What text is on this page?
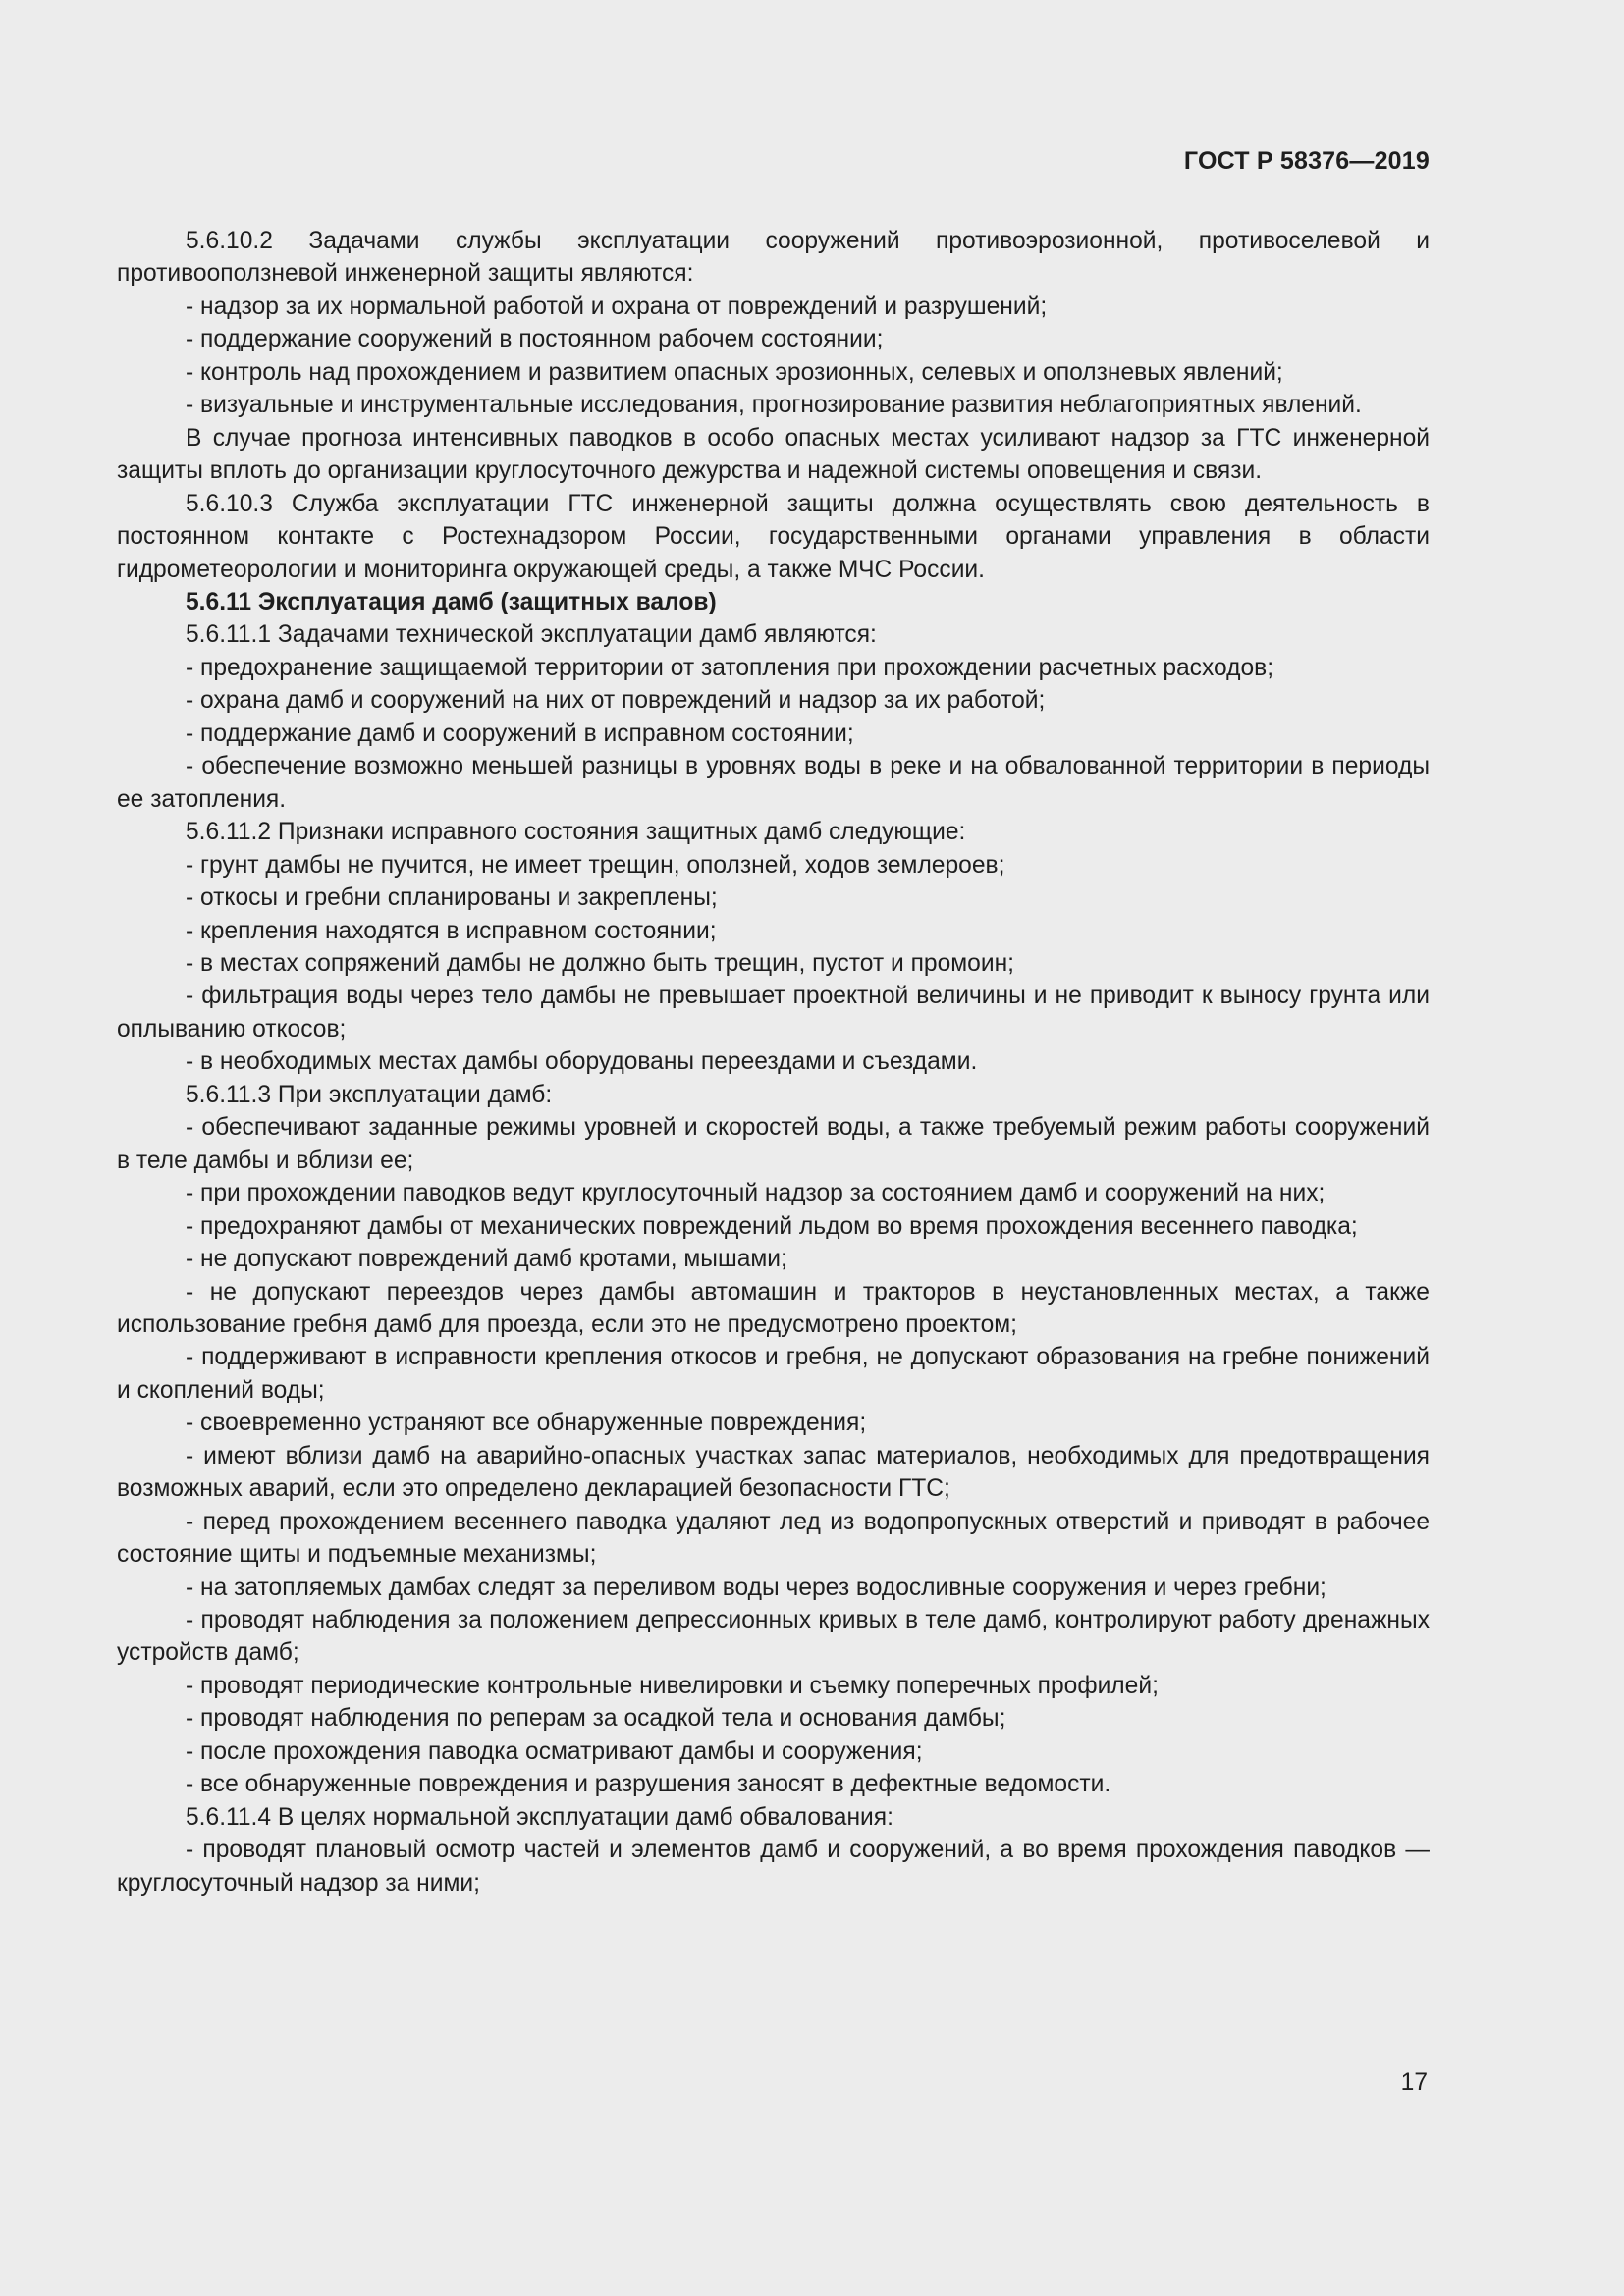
ГОСТ Р 58376—2019

5.6.10.2 Задачами службы эксплуатации сооружений противоэрозионной, противоселевой и противооползневой инженерной защиты являются:

- надзор за их нормальной работой и охрана от повреждений и разрушений;

- поддержание сооружений в постоянном рабочем состоянии;

- контроль над прохождением и развитием опасных эрозионных, селевых и оползневых явлений;

- визуальные и инструментальные исследования, прогнозирование развития неблагоприятных явлений.

В случае прогноза интенсивных паводков в особо опасных местах усиливают надзор за ГТС инженерной защиты вплоть до организации круглосуточного дежурства и надежной системы оповещения и связи.

5.6.10.3 Служба эксплуатации ГТС инженерной защиты должна осуществлять свою деятельность в постоянном контакте с Ростехнадзором России, государственными органами управления в области гидрометеорологии и мониторинга окружающей среды, а также МЧС России.

5.6.11 Эксплуатация дамб (защитных валов)

5.6.11.1 Задачами технической эксплуатации дамб являются:

- предохранение защищаемой территории от затопления при прохождении расчетных расходов;

- охрана дамб и сооружений на них от повреждений и надзор за их работой;

- поддержание дамб и сооружений в исправном состоянии;

- обеспечение возможно меньшей разницы в уровнях воды в реке и на обвалованной территории в периоды ее затопления.

5.6.11.2 Признаки исправного состояния защитных дамб следующие:

- грунт дамбы не пучится, не имеет трещин, оползней, ходов землероев;

- откосы и гребни спланированы и закреплены;

- крепления находятся в исправном состоянии;

- в местах сопряжений дамбы не должно быть трещин, пустот и промоин;

- фильтрация воды через тело дамбы не превышает проектной величины и не приводит к выносу грунта или оплыванию откосов;

- в необходимых местах дамбы оборудованы переездами и съездами.

5.6.11.3 При эксплуатации дамб:

- обеспечивают заданные режимы уровней и скоростей воды, а также требуемый режим работы сооружений в теле дамбы и вблизи ее;

- при прохождении паводков ведут круглосуточный надзор за состоянием дамб и сооружений на них;

- предохраняют дамбы от механических повреждений льдом во время прохождения весеннего паводка;

- не допускают повреждений дамб кротами, мышами;

- не допускают переездов через дамбы автомашин и тракторов в неустановленных местах, а также использование гребня дамб для проезда, если это не предусмотрено проектом;

- поддерживают в исправности крепления откосов и гребня, не допускают образования на гребне понижений и скоплений воды;

- своевременно устраняют все обнаруженные повреждения;

- имеют вблизи дамб на аварийно-опасных участках запас материалов, необходимых для предотвращения возможных аварий, если это определено декларацией безопасности ГТС;

- перед прохождением весеннего паводка удаляют лед из водопропускных отверстий и приводят в рабочее состояние щиты и подъемные механизмы;

- на затопляемых дамбах следят за переливом воды через водосливные сооружения и через гребни;

- проводят наблюдения за положением депрессионных кривых в теле дамб, контролируют работу дренажных устройств дамб;

- проводят периодические контрольные нивелировки и съемку поперечных профилей;

- проводят наблюдения по реперам за осадкой тела и основания дамбы;

- после прохождения паводка осматривают дамбы и сооружения;

- все обнаруженные повреждения и разрушения заносят в дефектные ведомости.

5.6.11.4 В целях нормальной эксплуатации дамб обвалования:

- проводят плановый осмотр частей и элементов дамб и сооружений, а во время прохождения паводков — круглосуточный надзор за ними;

17
